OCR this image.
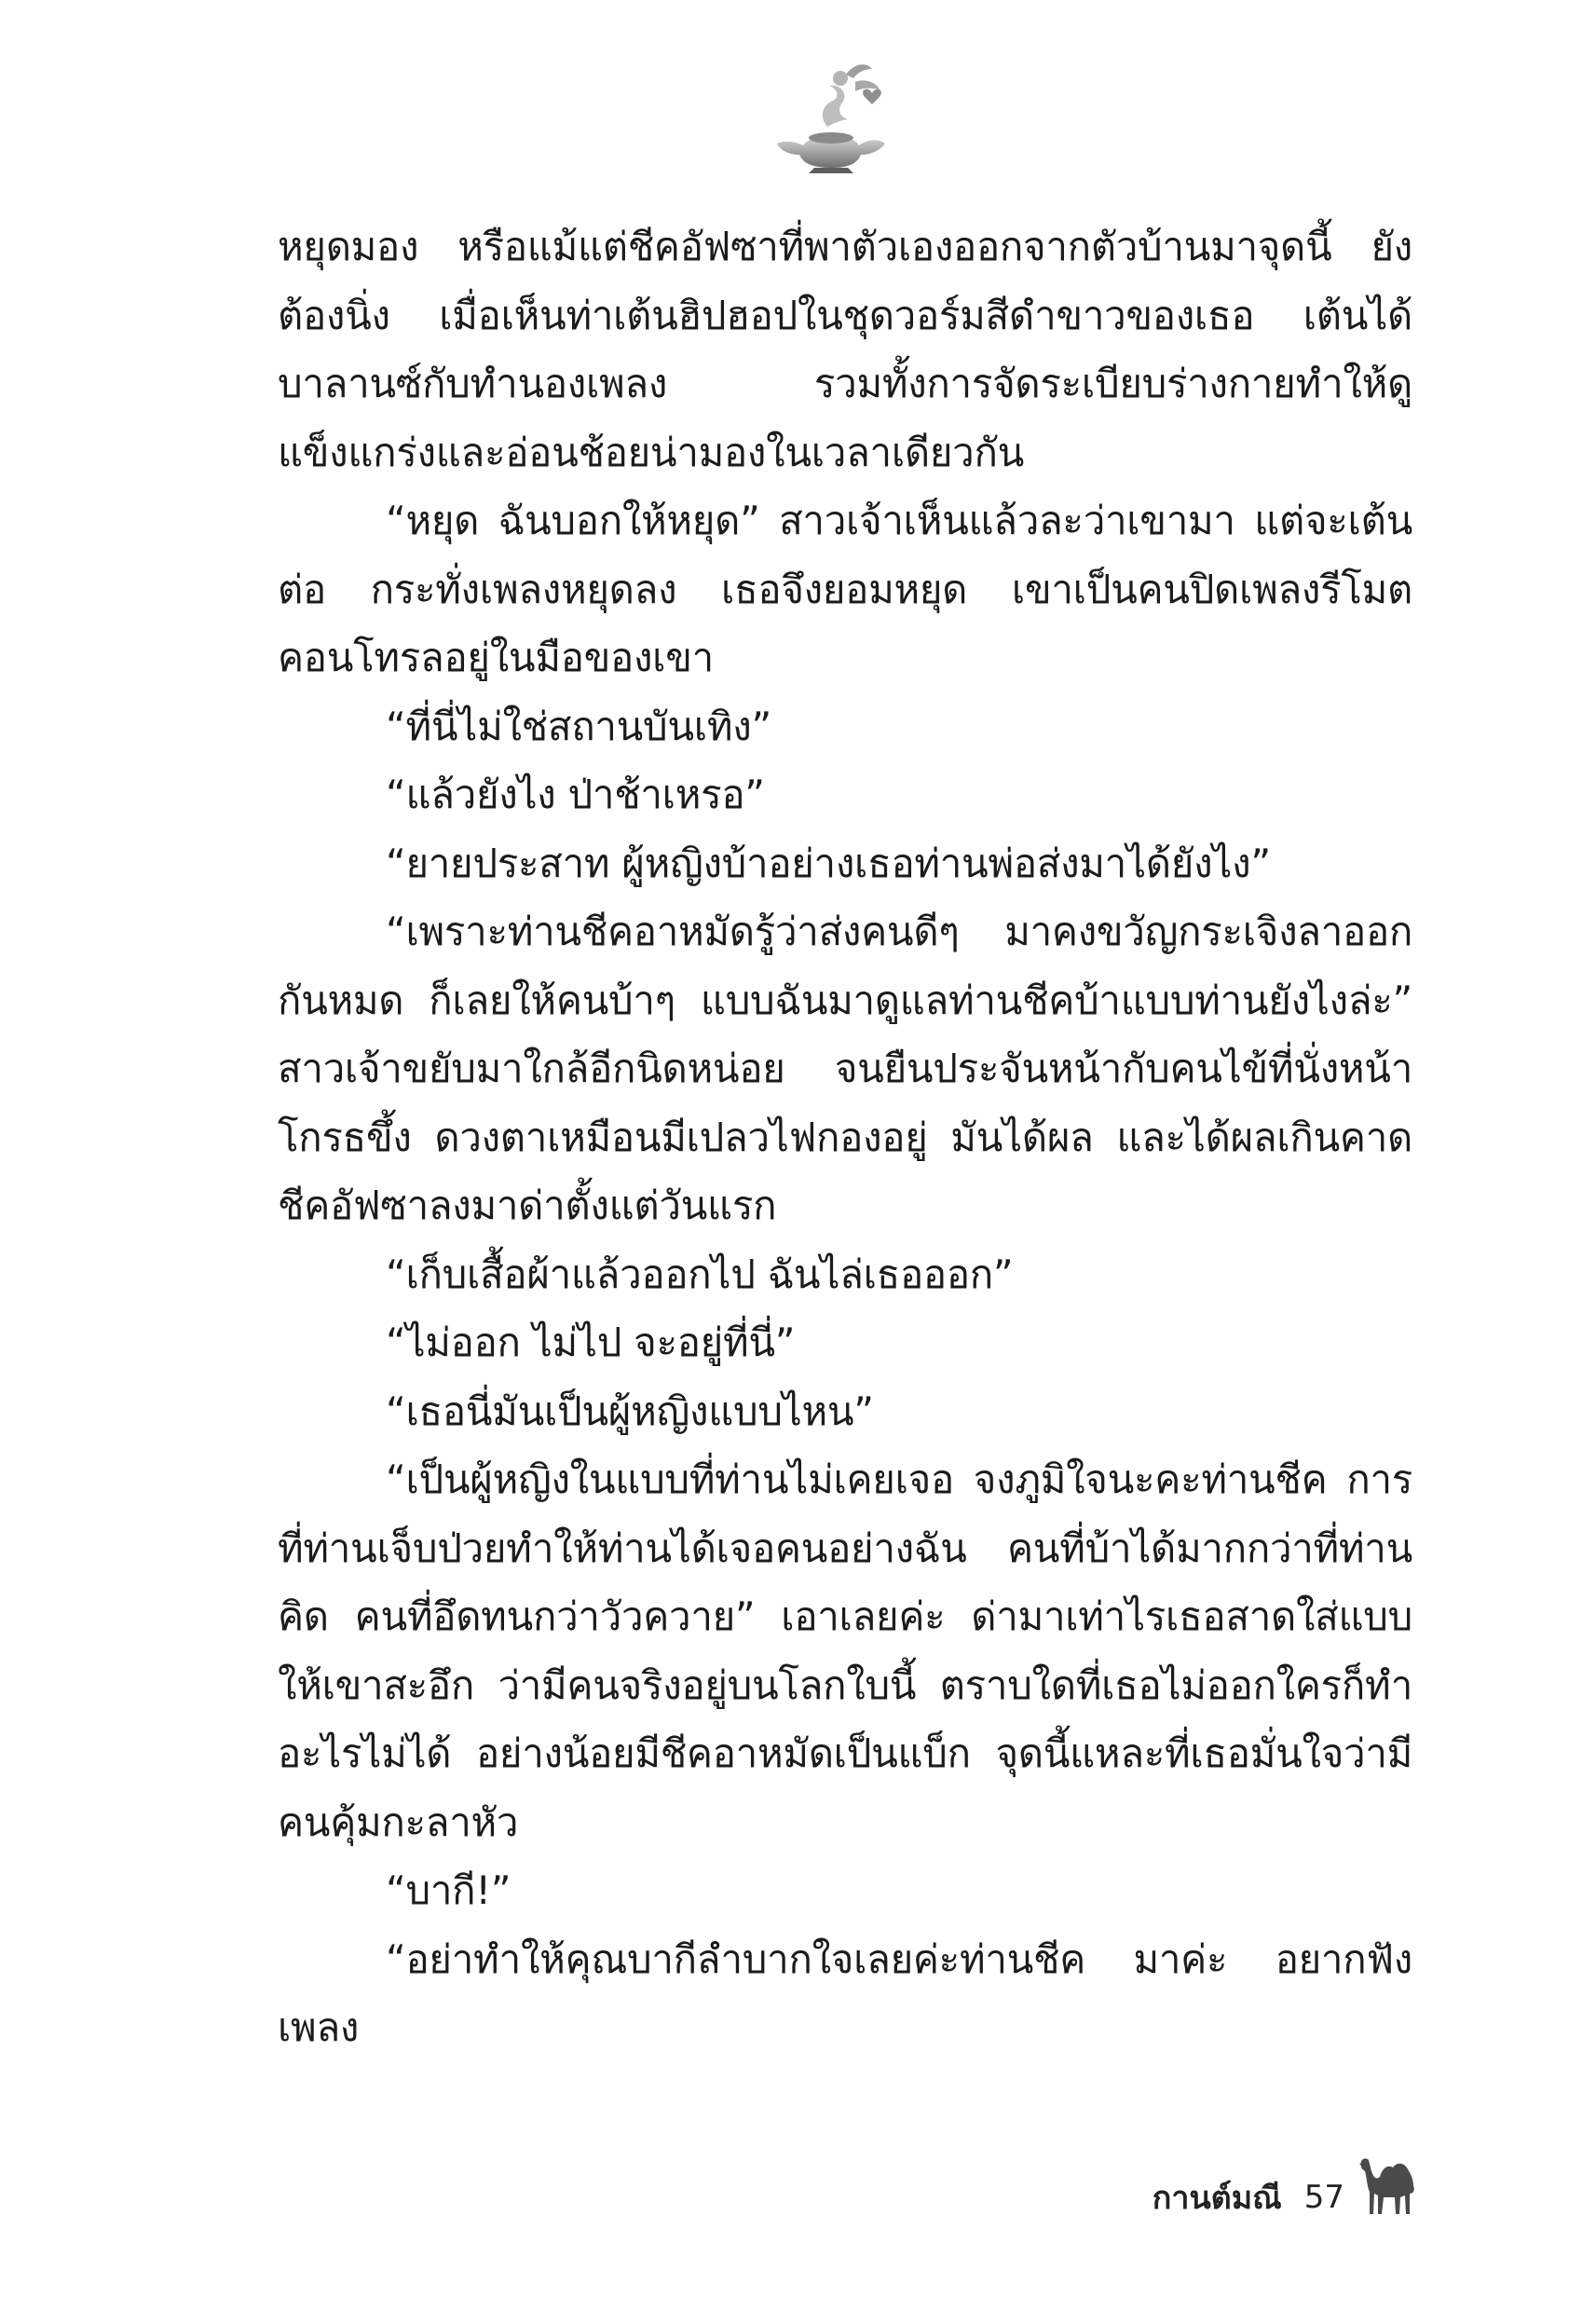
หยุดมอง หรือแม้แต่ชีคอัฟซาที่พาตัวเองออกจากตัวบ้านมาจุดนี้ ยังต้องนิ่ง เมื่อเห็นท่าเต้นฮิปฮอปในชุดวอร์มสีดำขาวของเธอ เต้นได้บาลานซ์กับทำนองเพลง รวมทั้งการจัดระเบียบร่างกายทำให้ดูแข็งแกร่งและอ่อนช้อยน่ามองในเวลาเดียวกัน

“หยุด ฉันบอกให้หยุด” สาวเจ้าเห็นแล้วละว่าเขามา แต่จะเต้นต่อ กระทั่งเพลงหยุดลง เธอจึงยอมหยุด เขาเป็นคนปิดเพลงรีโมตคอนโทรลอยู่ในมือของเขา

“ที่นี่ไม่ใช่สถานบันเทิง”

“แล้วยังไง ป่าช้าเหรอ”

“ยายประสาท ผู้หญิงบ้าอย่างเธอท่านพ่อส่งมาได้ยังไง”

“เพราะท่านชีคอาหมัดรู้ว่าส่งคนดีๆ มาคงขวัญกระเจิงลาออกกันหมด ก็เลยให้คนบ้าๆ แบบฉันมาดูแลท่านชีคบ้าแบบท่านยังไงล่ะ” สาวเจ้าขยับมาใกล้อีกนิดหน่อย จนยืนประจันหน้ากับคนไข้ที่นั่งหน้าโกรธขึ้ง ดวงตาเหมือนมีเปลวไฟกองอยู่ มันได้ผล และได้ผลเกินคาด ชีคอัฟซาลงมาด่าตั้งแต่วันแรก

“เก็บเสื้อผ้าแล้วออกไป ฉันไล่เธอออก”

“ไม่ออก ไม่ไป จะอยู่ที่นี่”

“เธอนี่มันเป็นผู้หญิงแบบไหน”

“เป็นผู้หญิงในแบบที่ท่านไม่เคยเจอ จงภูมิใจนะคะท่านชีค การที่ท่านเจ็บป่วยทำให้ท่านได้เจอคนอย่างฉัน คนที่บ้าได้มากกว่าที่ท่านคิด คนที่อึดทนกว่าวัวควาย” เอาเลยค่ะ ด่ามาเท่าไรเธอสาดใส่แบบให้เขาสะอึก ว่ามีคนจริงอยู่บนโลกใบนี้ ตราบใดที่เธอไม่ออกใครก็ทำอะไรไม่ได้ อย่างน้อยมีชีคอาหมัดเป็นแบ็ก จุดนี้แหละที่เธอมั่นใจว่ามีคนคุ้มกะลาหัว

“บากี!”

“อย่าทำให้คุณบากีลำบากใจเลยค่ะท่านชีค มาค่ะ อยากฟังเพลง

กานต์มณี 57
